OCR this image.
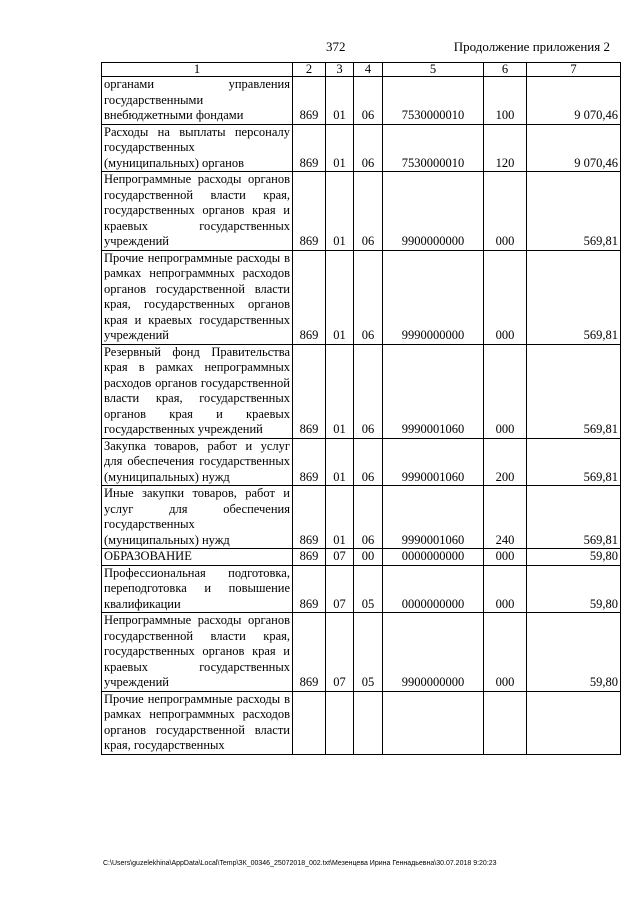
372	Продолжение приложения 2
1	2	3	4	5	6	7
органами управления государственными внебюджетными фондами	869	01	06	7530000010	100	9 070,46
Расходы на выплаты персоналу государственных (муниципальных) органов	869	01	06	7530000010	120	9 070,46
Непрограммные расходы органов государственной власти края, государственных органов края и краевых государственных учреждений	869	01	06	9900000000	000	569,81
Прочие непрограммные расходы в рамках непрограммных расходов органов государственной власти края, государственных органов края и краевых государственных учреждений	869	01	06	9990000000	000	569,81
Резервный фонд Правительства края в рамках непрограммных расходов органов государственной власти края, государственных органов края и краевых государственных учреждений	869	01	06	9990001060	000	569,81
Закупка товаров, работ и услуг для обеспечения государственных (муниципальных) нужд	869	01	06	9990001060	200	569,81
Иные закупки товаров, работ и услуг для обеспечения государственных (муниципальных) нужд	869	01	06	9990001060	240	569,81
ОБРАЗОВАНИЕ	869	07	00	0000000000	000	59,80
Профессиональная подготовка, переподготовка и повышение квалификации	869	07	05	0000000000	000	59,80
Непрограммные расходы органов государственной власти края, государственных органов края и краевых государственных учреждений	869	07	05	9900000000	000	59,80
Прочие непрограммные расходы в рамках непрограммных расходов органов государственной власти края, государственных						
C:\Users\guzelekhina\AppData\Local\Temp\ЗК_00346_25072018_002.txt\Мезенцева Ирина Геннадьевна\30.07.2018 9:20:23
